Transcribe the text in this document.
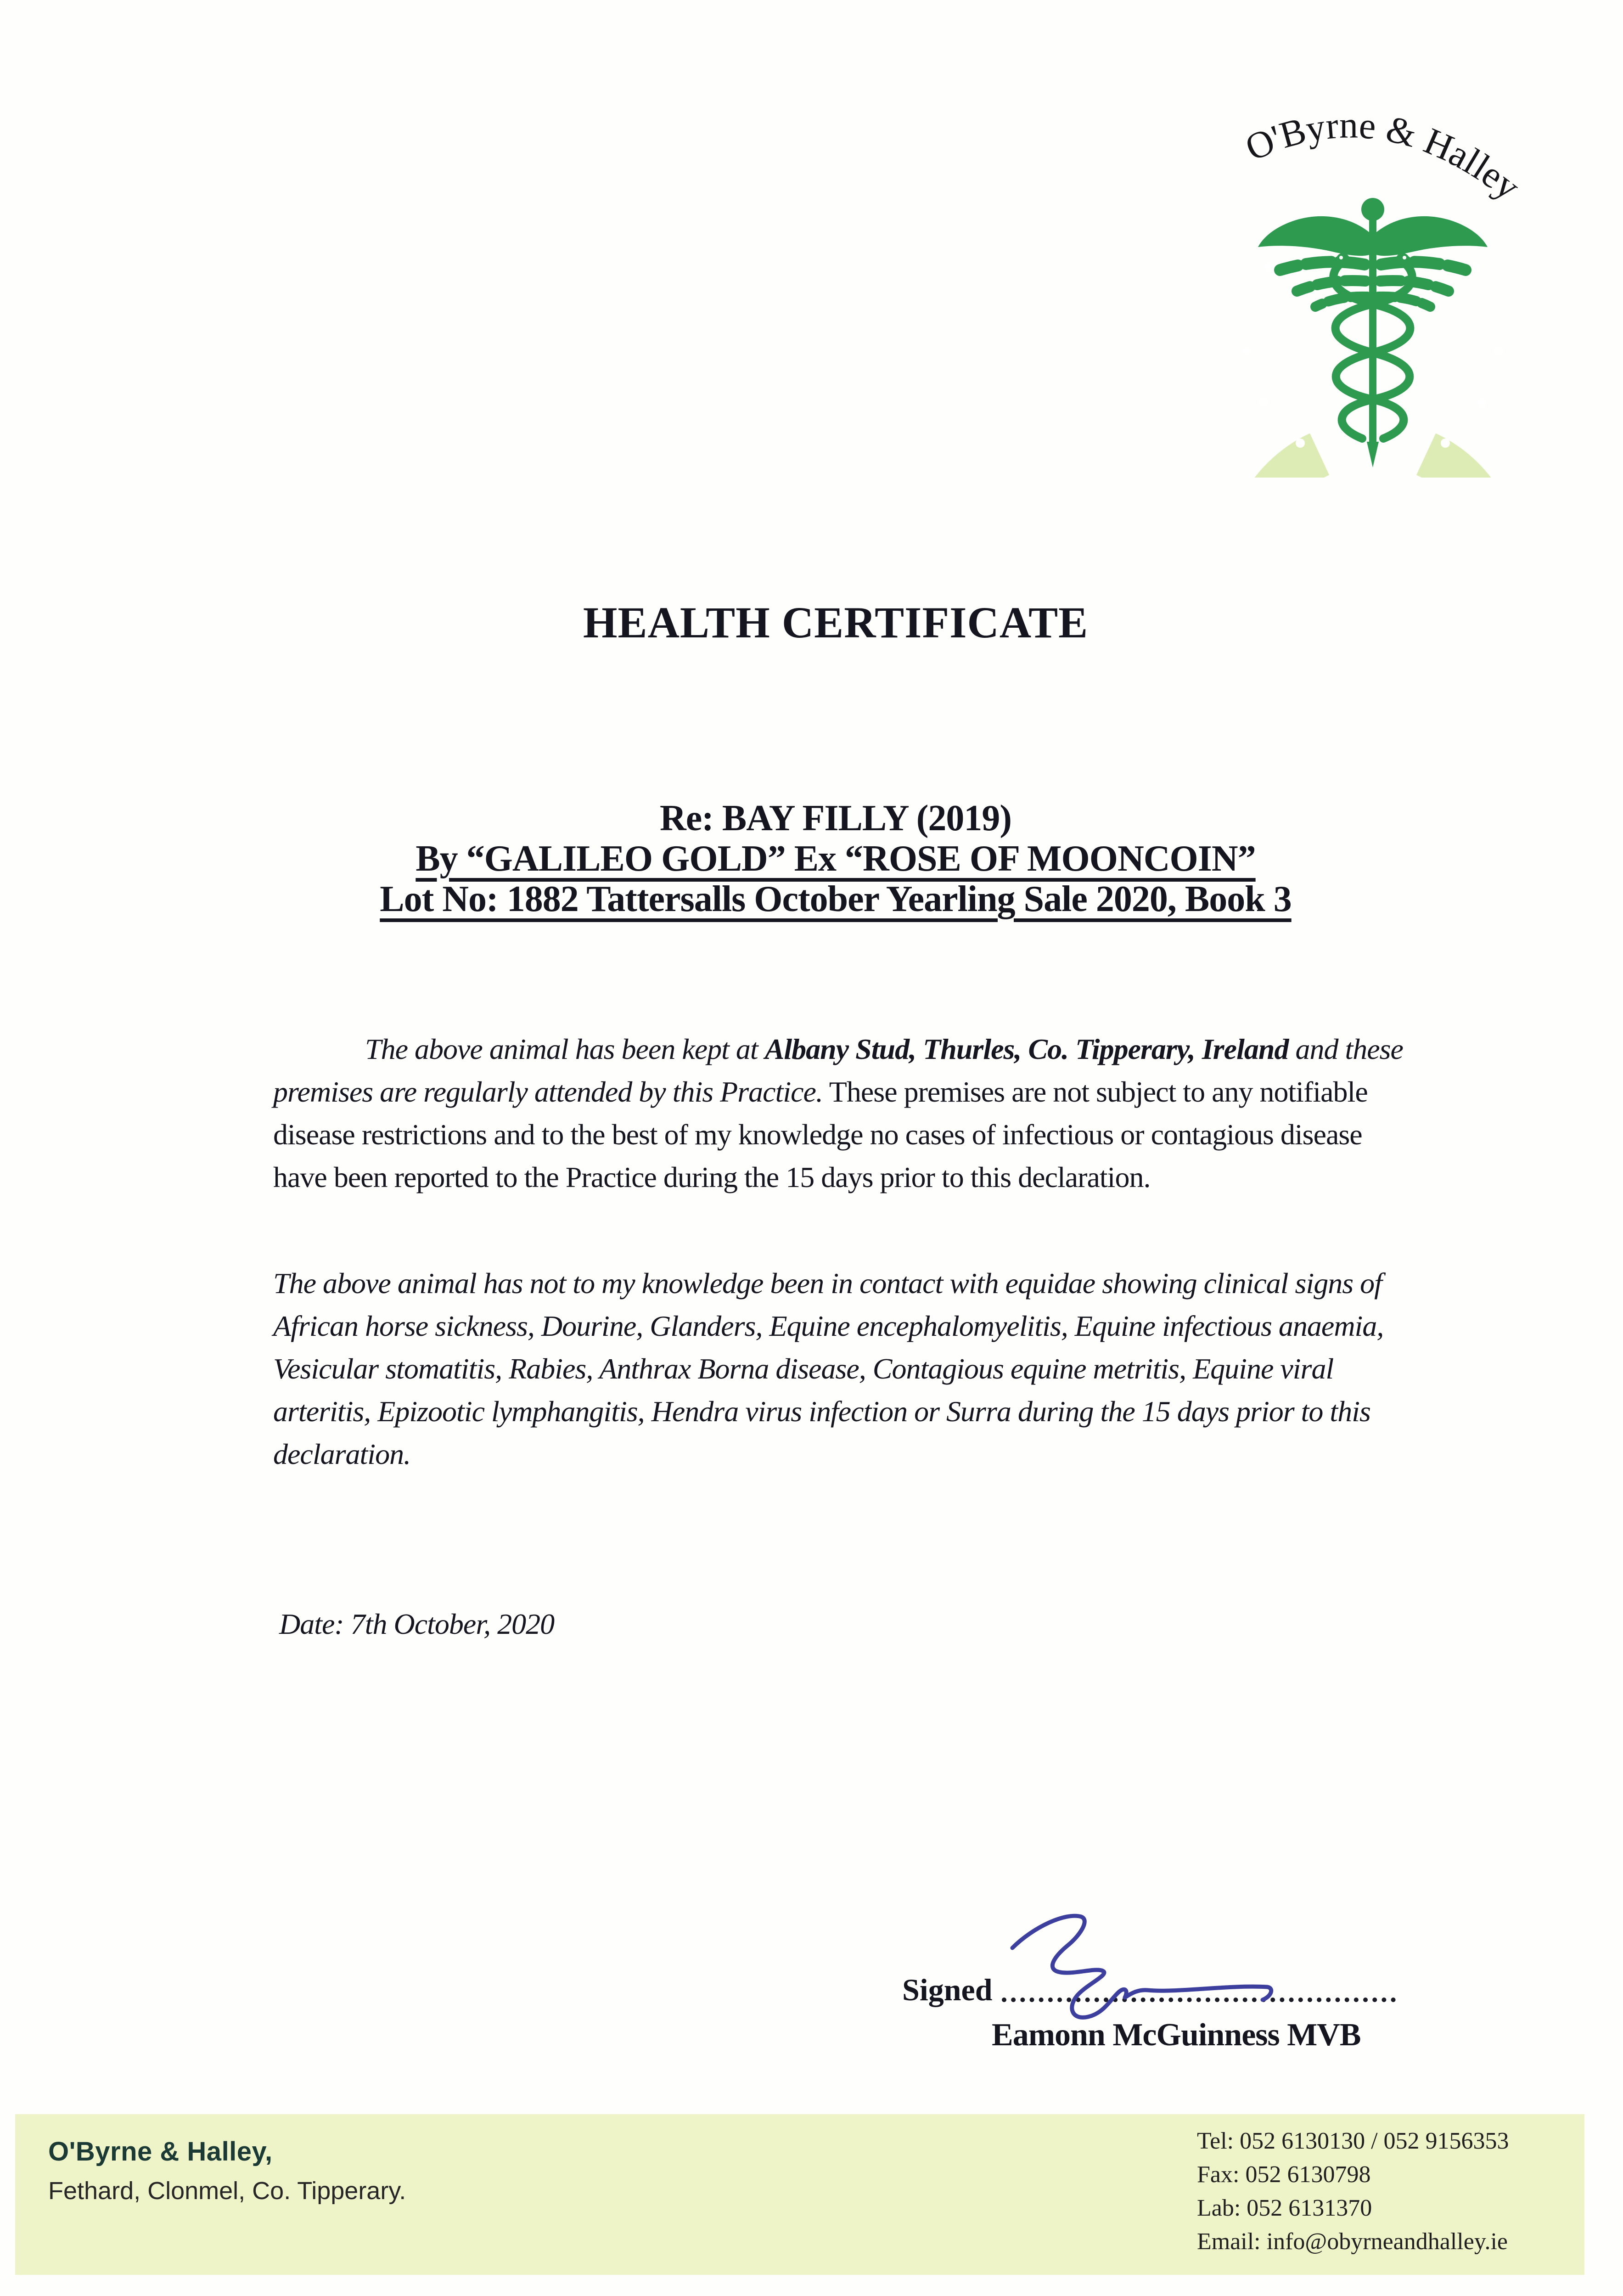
O'Byrne & Halley
HEALTH CERTIFICATE
Re: BAY FILLY (2019)
By “GALILEO GOLD” Ex “ROSE OF MOONCOIN”
Lot No: 1882 Tattersalls October Yearling Sale 2020, Book 3
The above animal has been kept at Albany Stud, Thurles, Co. Tipperary, Ireland and these premises are regularly attended by this Practice. These premises are not subject to any notifiable disease restrictions and to the best of my knowledge no cases of infectious or contagious disease have been reported to the Practice during the 15 days prior to this declaration.
The above animal has not to my knowledge been in contact with equidae showing clinical signs of African horse sickness, Dourine, Glanders, Equine encephalomyelitis, Equine infectious anaemia, Vesicular stomatitis, Rabies, Anthrax Borna disease, Contagious equine metritis, Equine viral arteritis, Epizootic lymphangitis, Hendra virus infection or Surra during the 15 days prior to this declaration.
Date: 7th October, 2020
Signed
Eamonn McGuinness MVB
O'Byrne & Halley,
Fethard, Clonmel, Co. Tipperary.
Tel: 052 6130130 / 052 9156353
Fax: 052 6130798
Lab: 052 6131370
Email: info@obyrneandhalley.ie
